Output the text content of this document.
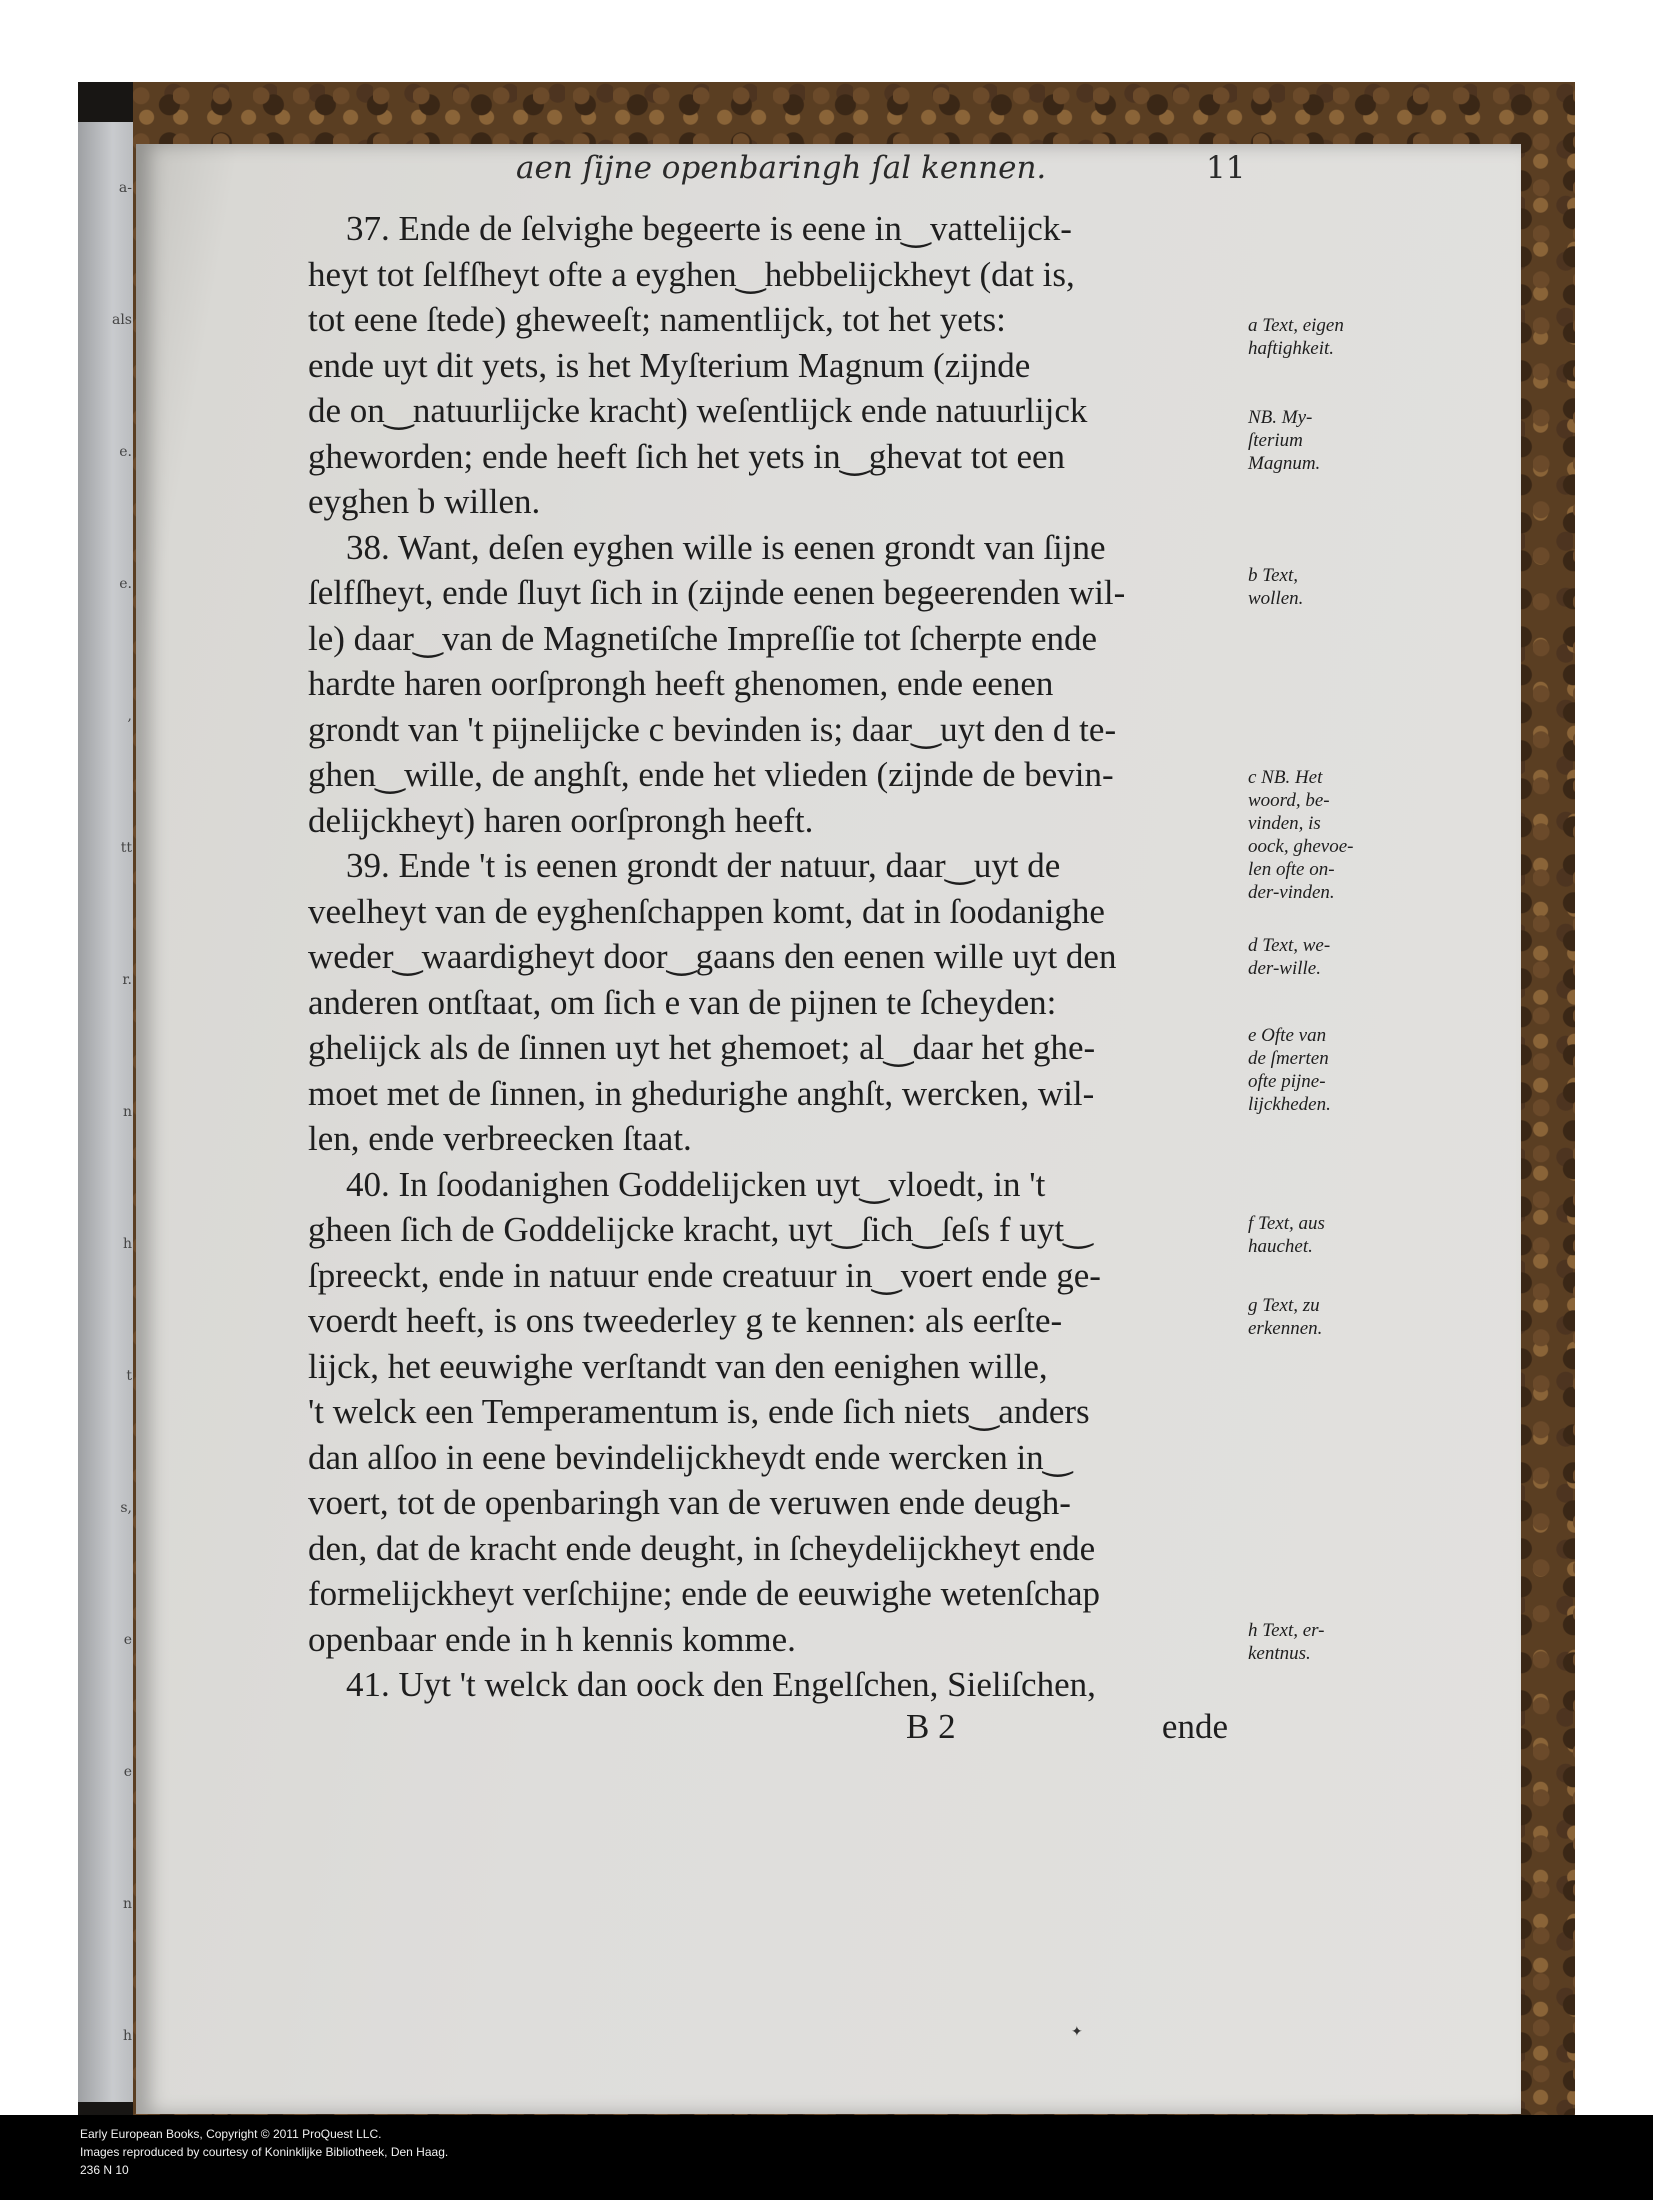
a-
als
e.
e.
,
tt
r.
n
h
t
s,
e
e
n
h
aen ſijne openbaringh ſal kennen.	11
37. Ende de ſelvighe begeerte is eene in‿vattelijck-
heyt tot ſelfſheyt ofte a eyghen‿hebbelijckheyt (dat is,
tot eene ſtede) gheweeſt; namentlijck, tot het yets:
ende uyt dit yets, is het Myſterium Magnum (zijnde
de on‿natuurlijcke kracht) weſentlijck ende natuurlijck
gheworden; ende heeft ſich het yets in‿ghevat tot een
eyghen b willen.
38. Want, deſen eyghen wille is eenen grondt van ſijne
ſelfſheyt, ende ſluyt ſich in (zijnde eenen begeerenden wil-
le) daar‿van de Magnetiſche Impreſſie tot ſcherpte ende
hardte haren oorſprongh heeft ghenomen, ende eenen
grondt van 't pijnelijcke c bevinden is; daar‿uyt den d te-
ghen‿wille, de anghſt, ende het vlieden (zijnde de bevin-
delijckheyt) haren oorſprongh heeft.
39. Ende 't is eenen grondt der natuur, daar‿uyt de
veelheyt van de eyghenſchappen komt, dat in ſoodanighe
weder‿waardigheyt door‿gaans den eenen wille uyt den
anderen ontſtaat, om ſich e van de pijnen te ſcheyden:
ghelijck als de ſinnen uyt het ghemoet; al‿daar het ghe-
moet met de ſinnen, in ghedurighe anghſt, wercken, wil-
len, ende verbreecken ſtaat.
40. In ſoodanighen Goddelijcken uyt‿vloedt, in 't
gheen ſich de Goddelijcke kracht, uyt‿ſich‿ſeſs f uyt‿
ſpreeckt, ende in natuur ende creatuur in‿voert ende ge-
voerdt heeft, is ons tweederley g te kennen: als eerſte-
lijck, het eeuwighe verſtandt van den eenighen wille,
't welck een Temperamentum is, ende ſich niets‿anders
dan alſoo in eene bevindelijckheydt ende wercken in‿
voert, tot de openbaringh van de veruwen ende deugh-
den, dat de kracht ende deught, in ſcheydelijckheyt ende
formelijckheyt verſchijne; ende de eeuwighe wetenſchap
openbaar ende in h kennis komme.
41. Uyt 't welck dan oock den Engelſchen, Sieliſchen,
a Text, eigen
haftighkeit.
NB. My-
ſterium
Magnum.
b Text,
wollen.
c NB. Het
woord, be-
vinden, is
oock, ghevoe-
len ofte on-
der-vinden.
d Text, we-
der-wille.
e Ofte van
de ſmerten
ofte pijne-
lijckheden.
f Text, aus
hauchet.
g Text, zu
erkennen.
h Text, er-
kentnus.
B 2	ende
✦
Early European Books, Copyright © 2011 ProQuest LLC.
Images reproduced by courtesy of Koninklijke Bibliotheek, Den Haag.
236 N 10
